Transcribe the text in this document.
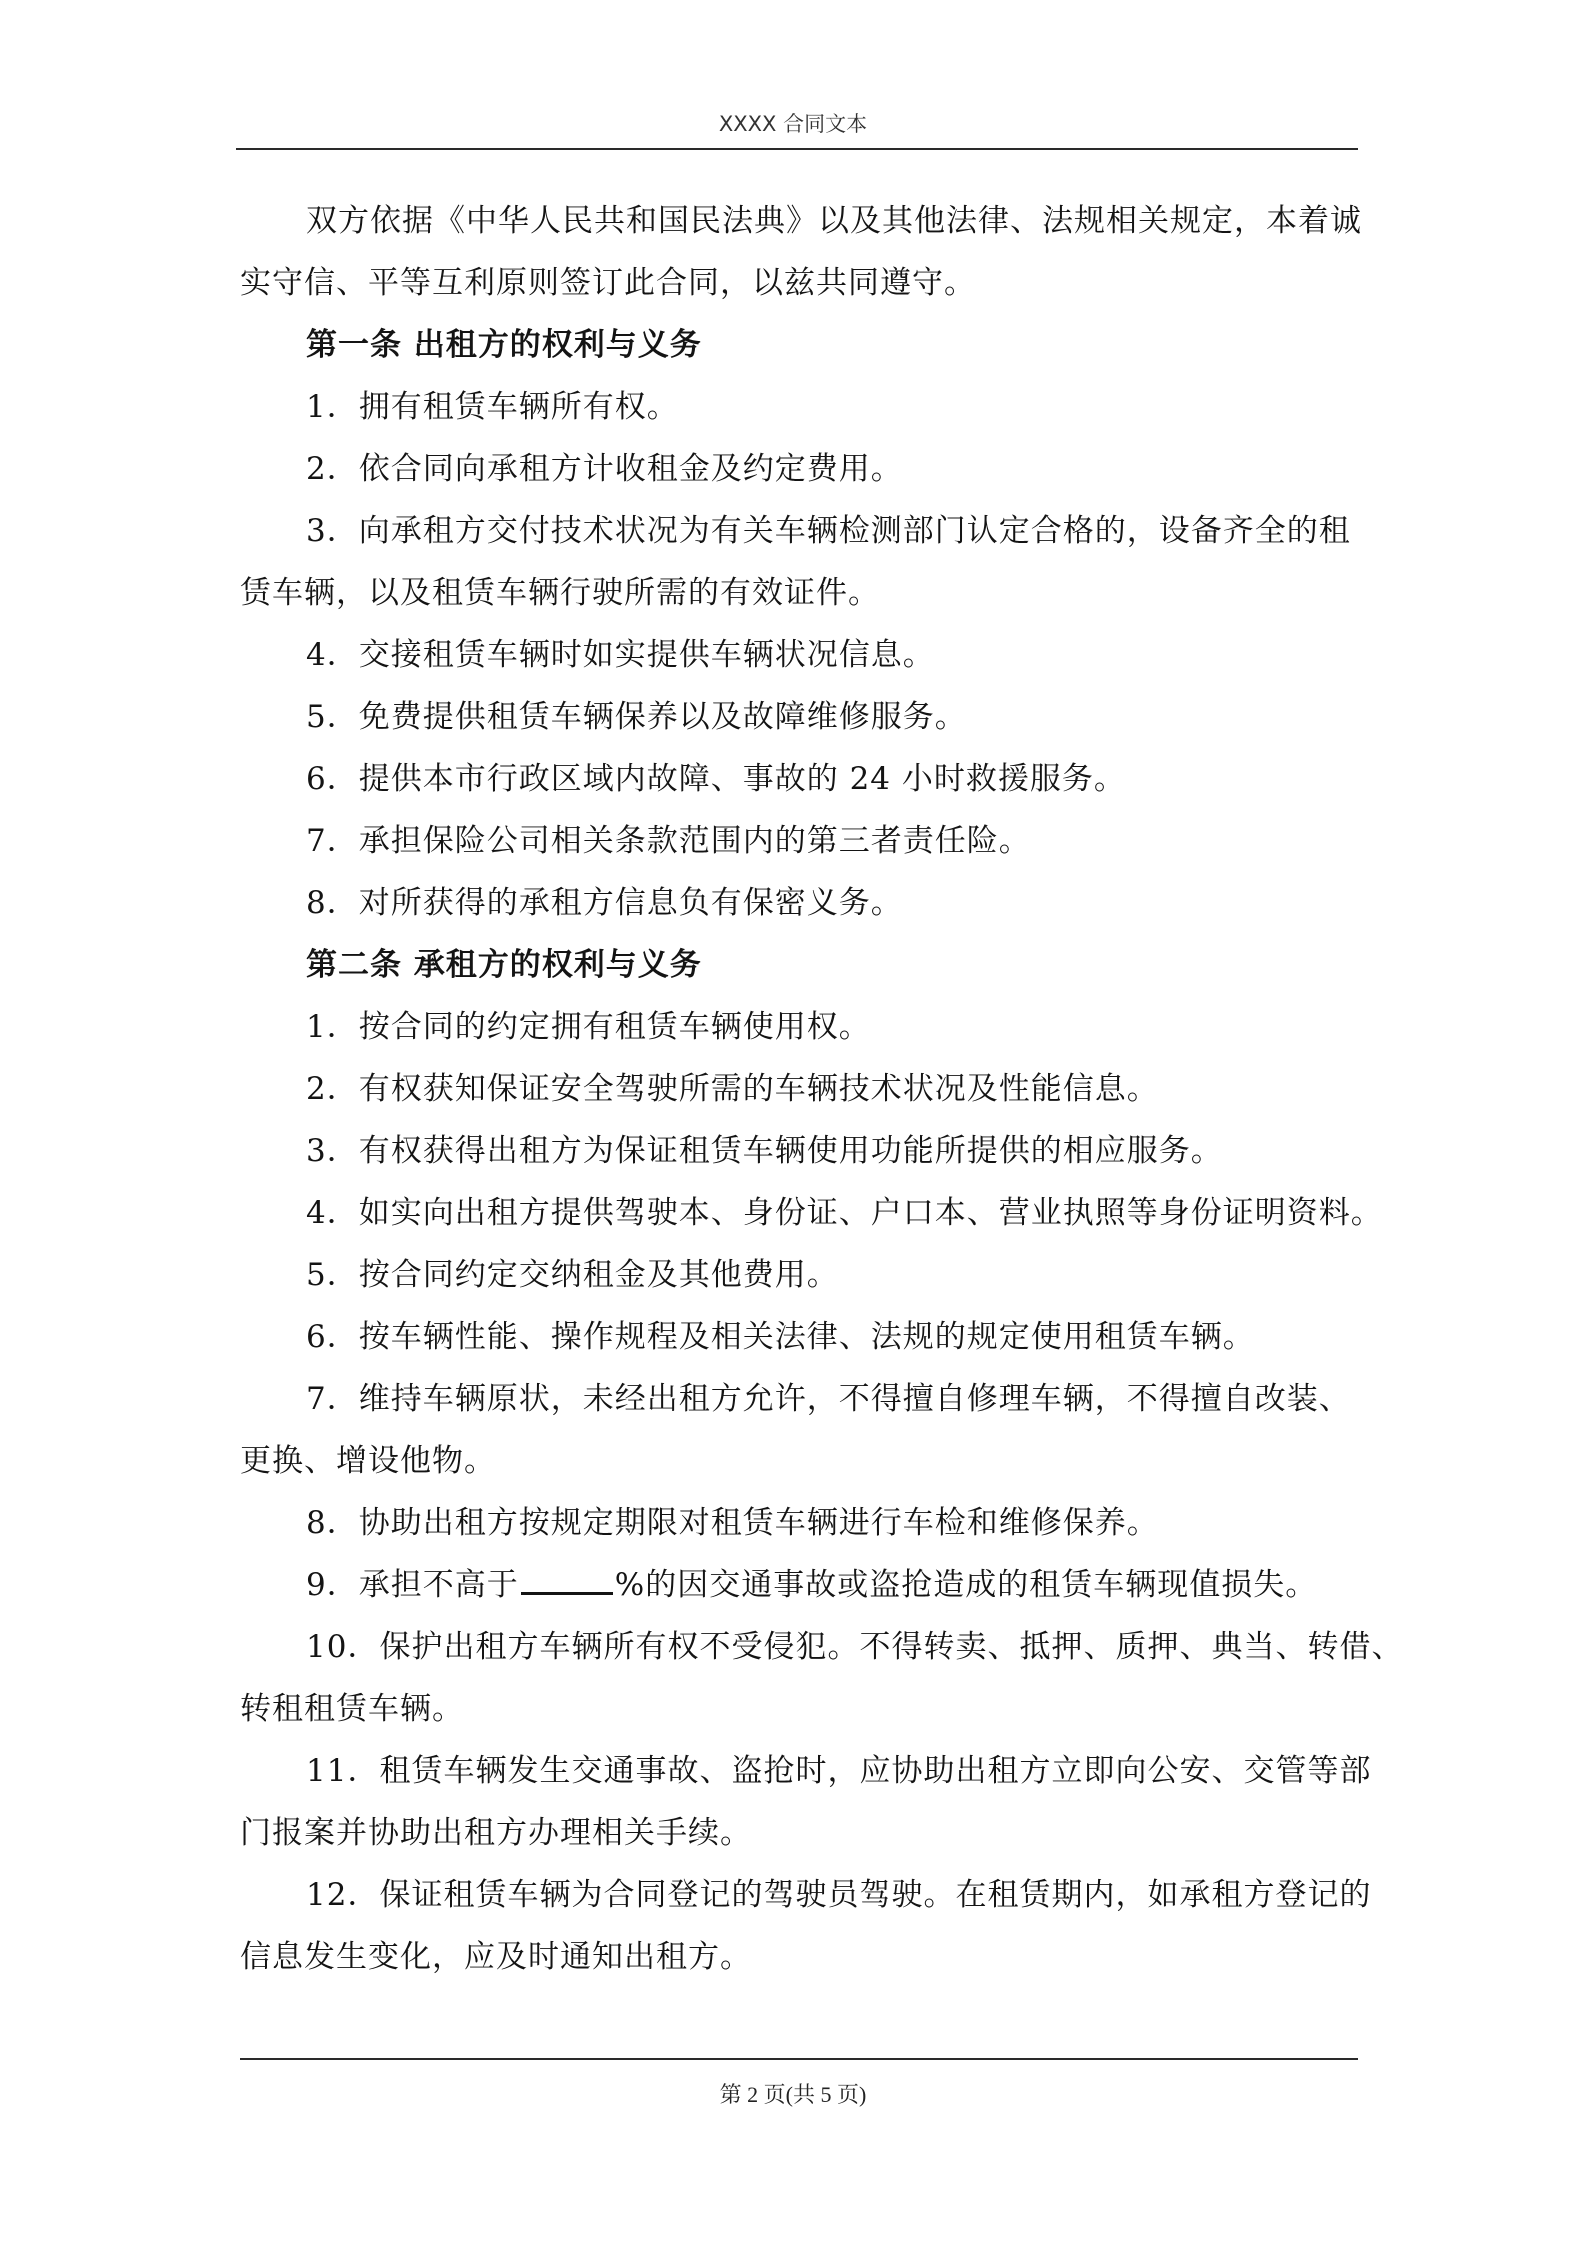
XXXX 合同文本

双方依据《中华人民共和国民法典》以及其他法律、法规相关规定，本着诚

实守信、平等互利原则签订此合同，以兹共同遵守。

第一条 出租方的权利与义务

1．拥有租赁车辆所有权。

2．依合同向承租方计收租金及约定费用。

3．向承租方交付技术状况为有关车辆检测部门认定合格的，设备齐全的租

赁车辆，以及租赁车辆行驶所需的有效证件。

4．交接租赁车辆时如实提供车辆状况信息。

5．免费提供租赁车辆保养以及故障维修服务。

6．提供本市行政区域内故障、事故的 24 小时救援服务。

7．承担保险公司相关条款范围内的第三者责任险。

8．对所获得的承租方信息负有保密义务。

第二条 承租方的权利与义务

1．按合同的约定拥有租赁车辆使用权。

2．有权获知保证安全驾驶所需的车辆技术状况及性能信息。

3．有权获得出租方为保证租赁车辆使用功能所提供的相应服务。

4．如实向出租方提供驾驶本、身份证、户口本、营业执照等身份证明资料。

5．按合同约定交纳租金及其他费用。

6．按车辆性能、操作规程及相关法律、法规的规定使用租赁车辆。

7．维持车辆原状，未经出租方允许，不得擅自修理车辆，不得擅自改装、

更换、增设他物。

8．协助出租方按规定期限对租赁车辆进行车检和维修保养。

9．承担不高于	%的因交通事故或盗抢造成的租赁车辆现值损失。

10．保护出租方车辆所有权不受侵犯。不得转卖、抵押、质押、典当、转借、

转租租赁车辆。

11．租赁车辆发生交通事故、盗抢时，应协助出租方立即向公安、交管等部

门报案并协助出租方办理相关手续。

12．保证租赁车辆为合同登记的驾驶员驾驶。在租赁期内，如承租方登记的

信息发生变化，应及时通知出租方。

第 2 页(共 5 页)
